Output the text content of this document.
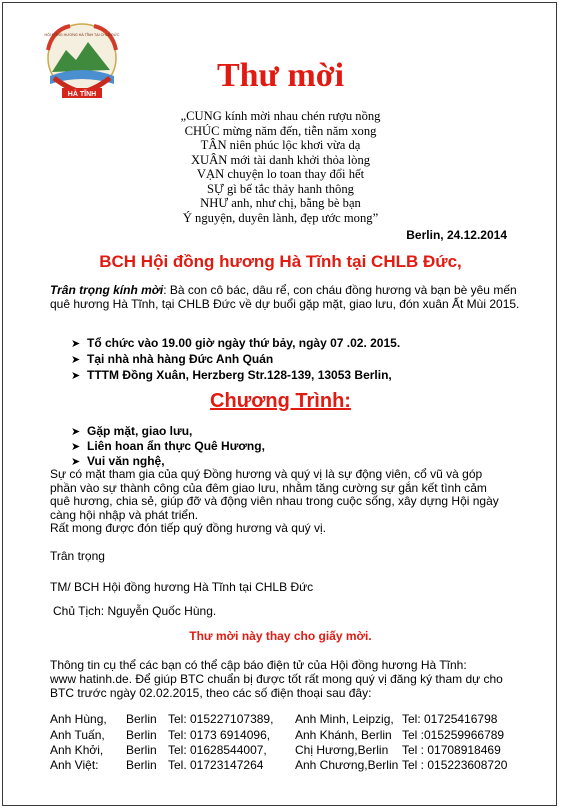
HÀ TĨNH
HỘI ĐỒNG HƯƠNG HÀ TĨNH TẠI CHLB ĐỨC
Thư mời
„CUNG kính mời nhau chén rượu nồng
CHÚC mừng năm đến, tiễn năm xong
TÂN niên phúc lộc khơi vừa dạ
XUÂN mới tài danh khởi thỏa lòng
VẠN chuyện lo toan thay đổi hết
SỰ gì bế tắc thảy hanh thông
NHƯ anh, như chị, bằng bè bạn
Ý nguyện, duyên lành, đẹp ước mong”
Berlin, 24.12.2014
BCH Hội đồng hương Hà Tĩnh tại CHLB Đức,
Trân trọng kính mời: Bà con cô bác, dâu rể, con cháu đồng hương và bạn bè yêu mến quê hương Hà Tĩnh, tại CHLB Đức về dự buổi gặp mặt, giao lưu, đón xuân Ất Mùi 2015.
➤ Tổ chức vào 19.00 giờ ngày thứ bảy, ngày 07 .02. 2015.
➤ Tại nhà nhà hàng Đức Anh Quán
➤ TTTM Đồng Xuân, Herzberg Str.128-139, 13053 Berlin,
Chương Trình:
➤ Gặp mặt, giao lưu,
➤ Liên hoan ẩn thực Quê Hương,
➤ Vui văn nghệ,
Sự có mặt tham gia của quý Đồng hương và quý vị là sự động viên, cổ vũ và góp
phần vào sự thành công của đêm giao lưu, nhằm tăng cường sự gắn kết tình cảm
quê hương, chia sẻ, giúp đỡ và động viên nhau trong cuộc sống, xây dựng Hội ngày
càng hội nhập và phát triển.
Rất mong được đón tiếp quý đồng hương và quý vị.
Trân trọng
TM/ BCH Hội đồng hương Hà Tĩnh tại CHLB Đức
Chủ Tịch: Nguyễn Quốc Hùng.
Thư mời này thay cho giấy mời.
Thông tin cụ thể các bạn có thể cập báo điện tử của Hội đồng hương Hà Tĩnh:
www hatinh.de. Để giúp BTC chuẩn bị được tốt rất mong quý vị đăng ký tham dự cho
BTC trước ngày 02.02.2015, theo các số điện thoại sau đây:
Anh Hùng, Berlin Tel: 015227107389, Anh Minh, Leipzig, Tel: 01725416798
Anh Tuấn, Berlin Tel: 0173 6914096, Anh Khánh, Berlin Tel :015259966789
Anh Khởi, Berlin Tel: 01628544007, Chị Hương,Berlin Tel : 01708918469
Anh Việt: Berlin Tel. 01723147264	Anh Chương,Berlin Tel : 015223608720
